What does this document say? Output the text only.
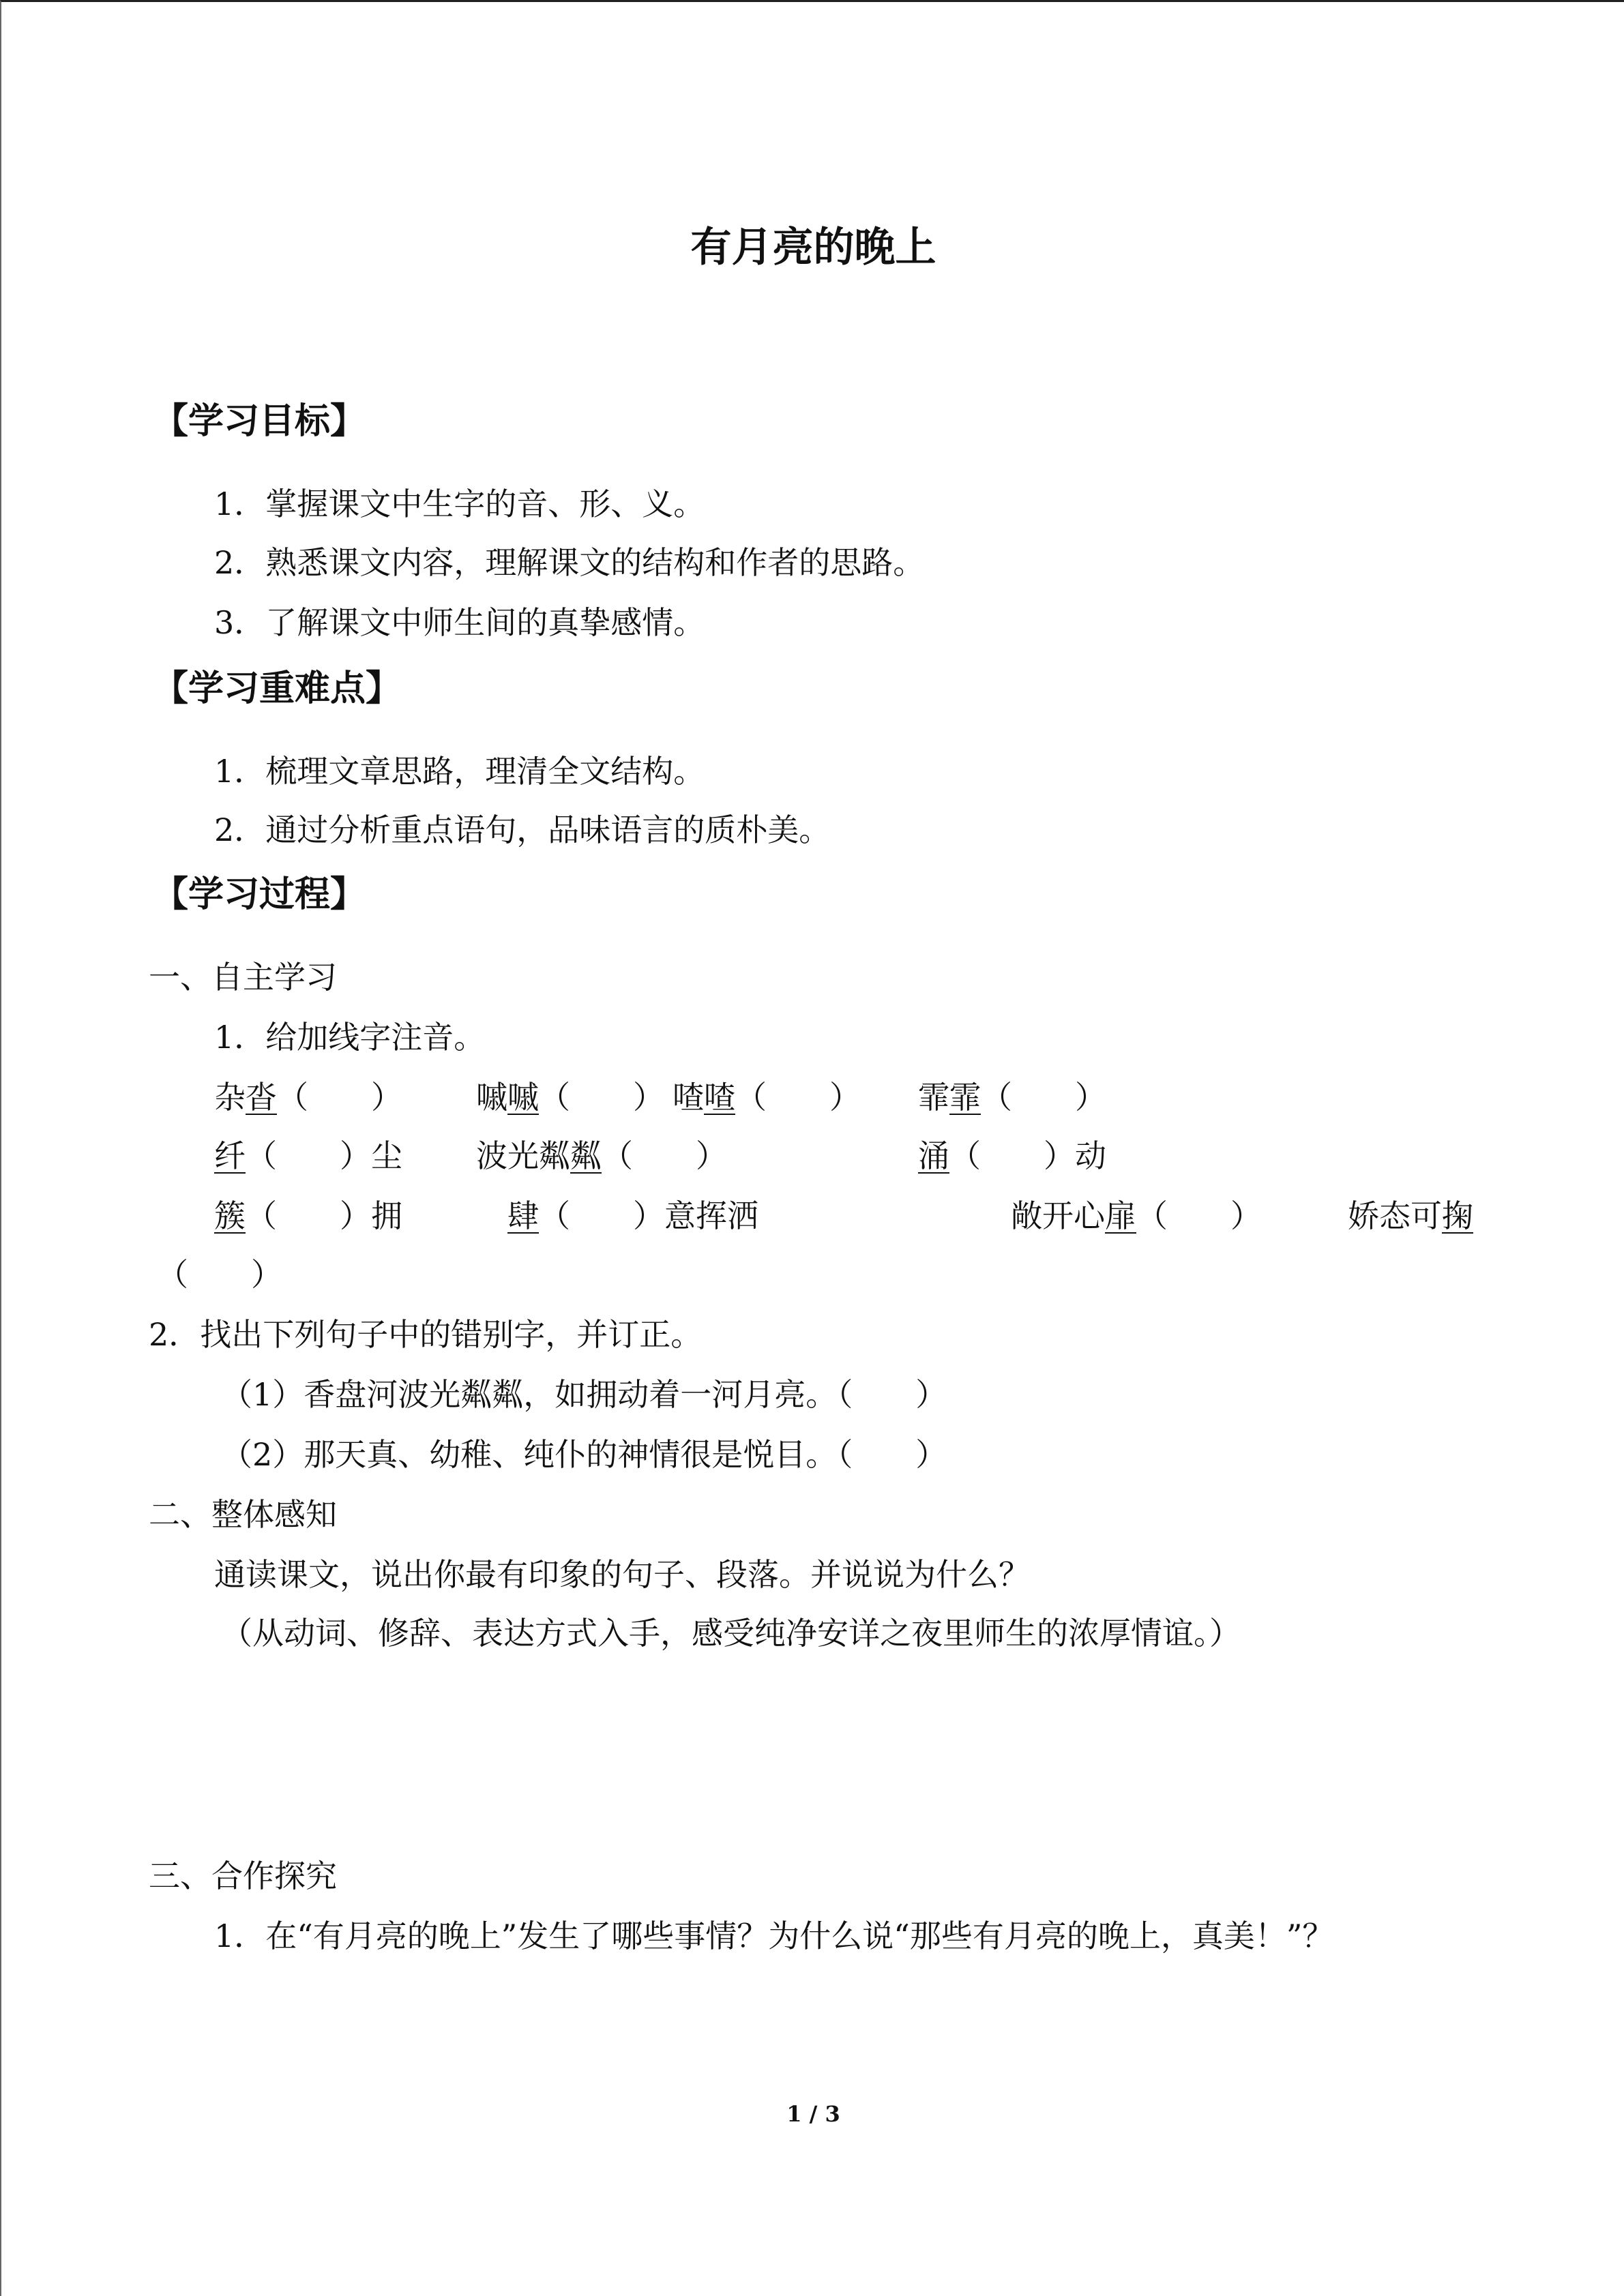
有月亮的晚上
【学习目标】
1．掌握课文中生字的音、形、义。
2．熟悉课文内容，理解课文的结构和作者的思路。
3．了解课文中师生间的真挚感情。
【学习重难点】
1．梳理文章思路，理清全文结构。
2．通过分析重点语句，品味语言的质朴美。
【学习过程】
一、自主学习
1．给加线字注音。
杂沓（　　） 嘁嘁（　　） 喳喳（　　） 霏霏（　　）
纤（　　）尘 波光粼粼（　　）	涌（　　）动
簇（　　）拥	肆（　　）意挥洒	敞开心扉（　　）	娇态可掬
（　　）
2．找出下列句子中的错别字，并订正。
（1）香盘河波光粼粼，如拥动着一河月亮。（　　）
（2）那天真、幼稚、纯仆的神情很是悦目。（　　）
二、整体感知
通读课文，说出你最有印象的句子、段落。并说说为什么？
（从动词、修辞、表达方式入手，感受纯净安详之夜里师生的浓厚情谊。）
三、合作探究
1．在“有月亮的晚上”发生了哪些事情？为什么说“那些有月亮的晚上，真美！”？
1 / 3
